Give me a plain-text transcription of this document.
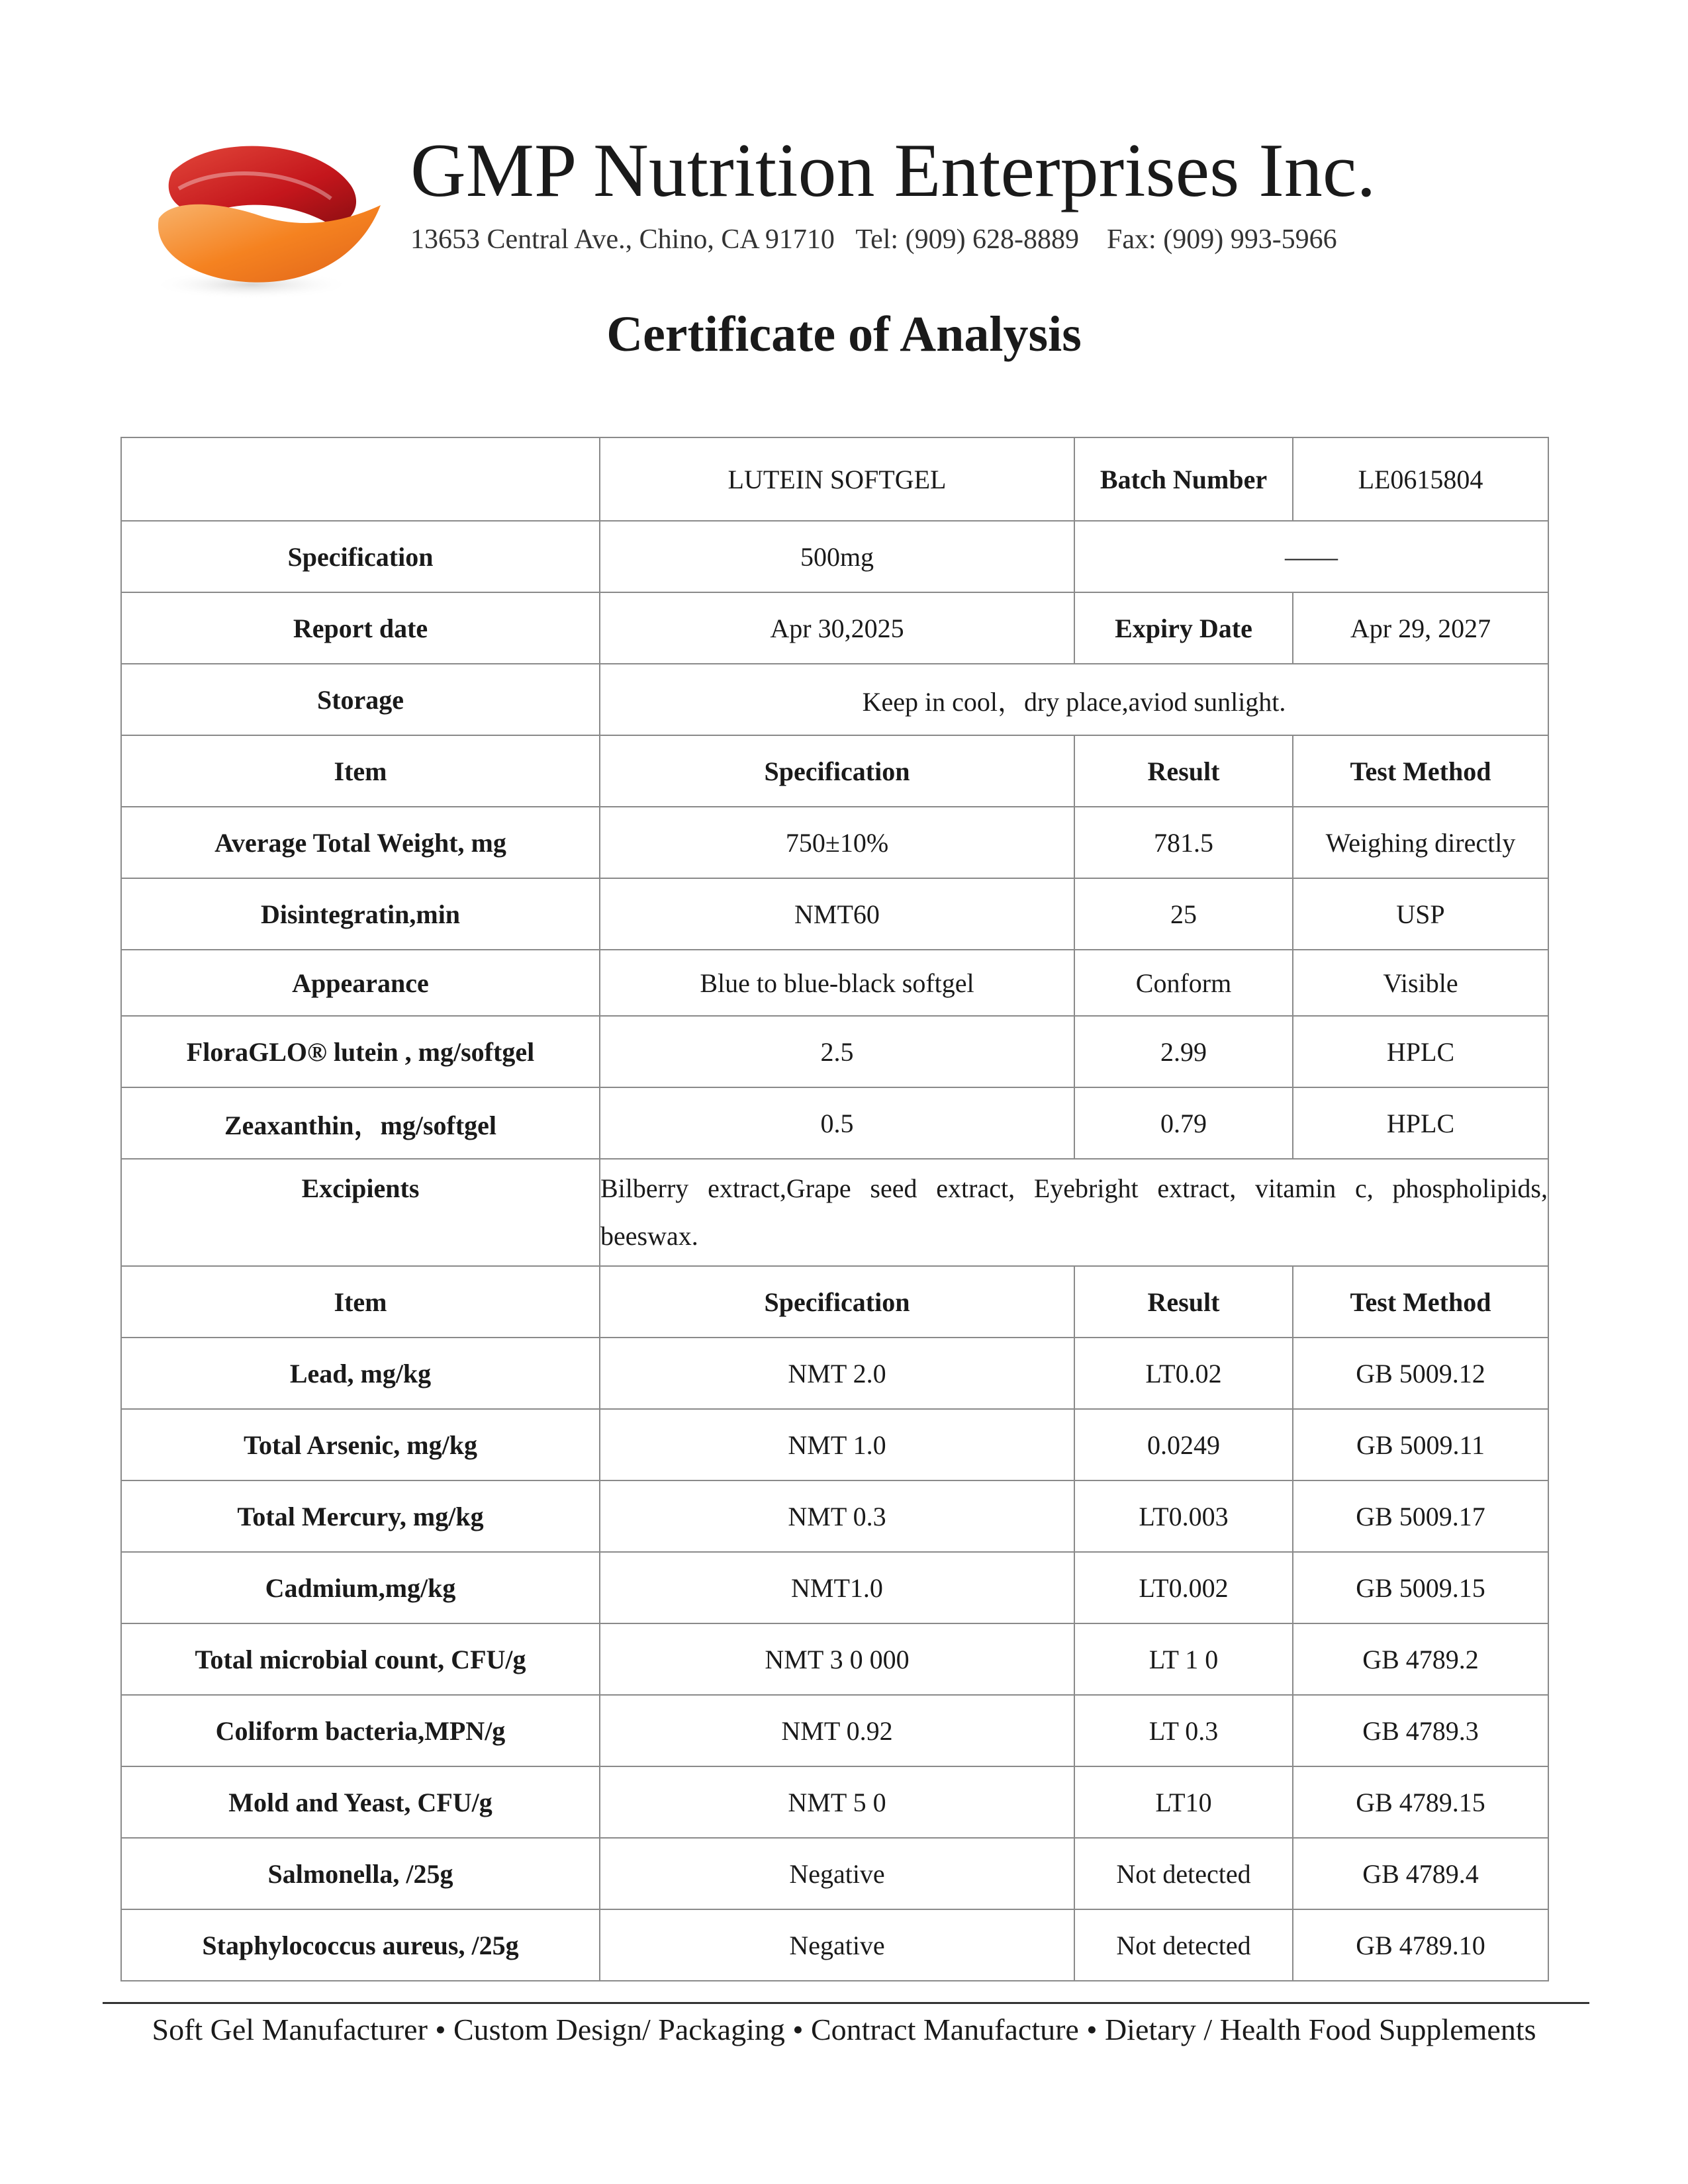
GMP Nutrition Enterprises Inc.
13653 Central Ave., Chino, CA 91710 Tel: (909) 628-8889 Fax: (909) 993-5966
Certificate of Analysis
	LUTEIN SOFTGEL	Batch Number	LE0615804
Specification	500mg	——	
Report date	Apr 30,2025	Expiry Date	Apr 29, 2027
Storage	Keep in cool，dry place,aviod sunlight.		
Item	Specification	Result	Test Method
Average Total Weight, mg	750±10%	781.5	Weighing directly
Disintegratin,min	NMT60	25	USP
Appearance	Blue to blue-black softgel	Conform	Visible
FloraGLO® lutein , mg/softgel	2.5	2.99	HPLC
Zeaxanthin，mg/softgel	0.5	0.79	HPLC
Excipients	Bilberry extract,Grape seed extract, Eyebright extract, vitamin c, phospholipids, beeswax.		
Item	Specification	Result	Test Method
Lead, mg/kg	NMT 2.0	LT0.02	GB 5009.12
Total Arsenic, mg/kg	NMT 1.0	0.0249	GB 5009.11
Total Mercury, mg/kg	NMT 0.3	LT0.003	GB 5009.17
Cadmium,mg/kg	NMT1.0	LT0.002	GB 5009.15
Total microbial count, CFU/g	NMT 3 0 000	LT 1 0	GB 4789.2
Coliform bacteria,MPN/g	NMT 0.92	LT 0.3	GB 4789.3
Mold and Yeast, CFU/g	NMT 5 0	LT10	GB 4789.15
Salmonella, /25g	Negative	Not detected	GB 4789.4
Staphylococcus aureus, /25g	Negative	Not detected	GB 4789.10
Soft Gel Manufacturer • Custom Design/ Packaging • Contract Manufacture • Dietary / Health Food Supplements
